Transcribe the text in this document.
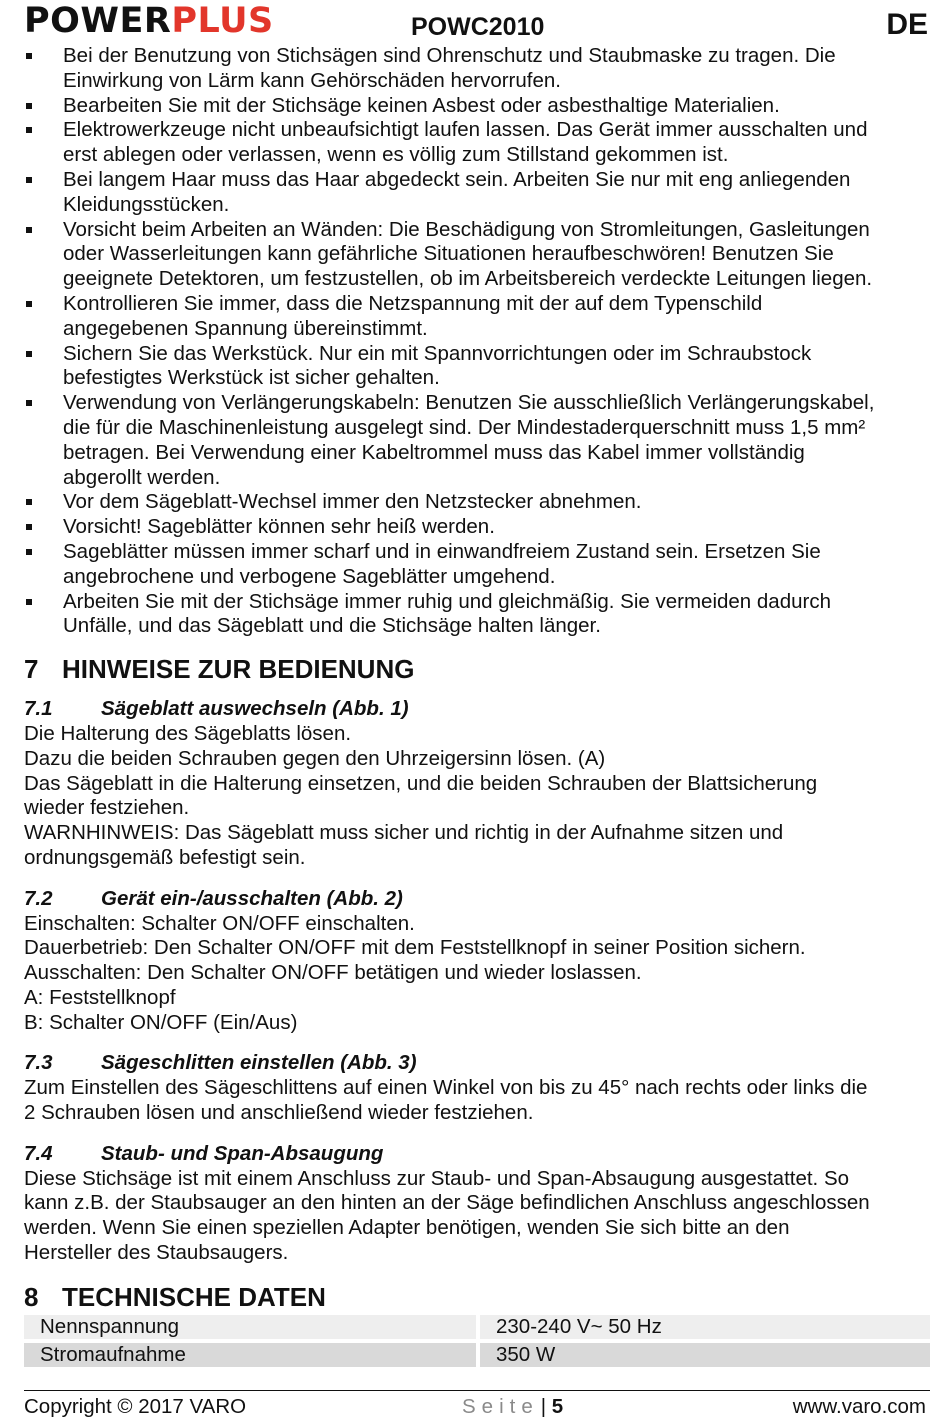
POWERPLUS	POWC2010	DE
Bei der Benutzung von Stichsägen sind Ohrenschutz und Staubmaske zu tragen. Die
Einwirkung von Lärm kann Gehörschäden hervorrufen.
Bearbeiten Sie mit der Stichsäge keinen Asbest oder asbesthaltige Materialien.
Elektrowerkzeuge nicht unbeaufsichtigt laufen lassen. Das Gerät immer ausschalten und
erst ablegen oder verlassen, wenn es völlig zum Stillstand gekommen ist.
Bei langem Haar muss das Haar abgedeckt sein. Arbeiten Sie nur mit eng anliegenden
Kleidungsstücken.
Vorsicht beim Arbeiten an Wänden: Die Beschädigung von Stromleitungen, Gasleitungen
oder Wasserleitungen kann gefährliche Situationen heraufbeschwören! Benutzen Sie
geeignete Detektoren, um festzustellen, ob im Arbeitsbereich verdeckte Leitungen liegen.
Kontrollieren Sie immer, dass die Netzspannung mit der auf dem Typenschild
angegebenen Spannung übereinstimmt.
Sichern Sie das Werkstück. Nur ein mit Spannvorrichtungen oder im Schraubstock
befestigtes Werkstück ist sicher gehalten.
Verwendung von Verlängerungskabeln: Benutzen Sie ausschließlich Verlängerungskabel,
die für die Maschinenleistung ausgelegt sind. Der Mindestaderquerschnitt muss 1,5 mm²
betragen. Bei Verwendung einer Kabeltrommel muss das Kabel immer vollständig
abgerollt werden.
Vor dem Sägeblatt-Wechsel immer den Netzstecker abnehmen.
Vorsicht! Sageblätter können sehr heiß werden.
Sageblätter müssen immer scharf und in einwandfreiem Zustand sein. Ersetzen Sie
angebrochene und verbogene Sageblätter umgehend.
Arbeiten Sie mit der Stichsäge immer ruhig und gleichmäßig. Sie vermeiden dadurch
Unfälle, und das Sägeblatt und die Stichsäge halten länger.
7 HINWEISE ZUR BEDIENUNG
7.1 Sägeblatt auswechseln (Abb. 1)

Die Halterung des Sägeblatts lösen.

Dazu die beiden Schrauben gegen den Uhrzeigersinn lösen. (A)

Das Sägeblatt in die Halterung einsetzen, und die beiden Schrauben der Blattsicherung

wieder festziehen.

WARNHINWEIS: Das Sägeblatt muss sicher und richtig in der Aufnahme sitzen und

ordnungsgemäß befestigt sein.

7.2 Gerät ein-/ausschalten (Abb. 2)

Einschalten: Schalter ON/OFF einschalten.

Dauerbetrieb: Den Schalter ON/OFF mit dem Feststellknopf in seiner Position sichern.

Ausschalten: Den Schalter ON/OFF betätigen und wieder loslassen.

A: Feststellknopf

B: Schalter ON/OFF (Ein/Aus)

7.3 Sägeschlitten einstellen (Abb. 3)

Zum Einstellen des Sägeschlittens auf einen Winkel von bis zu 45° nach rechts oder links die

2 Schrauben lösen und anschließend wieder festziehen.

7.4 Staub- und Span-Absaugung

Diese Stichsäge ist mit einem Anschluss zur Staub- und Span-Absaugung ausgestattet. So

kann z.B. der Staubsauger an den hinten an der Säge befindlichen Anschluss angeschlossen

werden. Wenn Sie einen speziellen Adapter benötigen, wenden Sie sich bitte an den

Hersteller des Staubsaugers.

8 TECHNISCHE DATEN
Nennspannung		230-240 V~ 50 Hz
Stromaufnahme		350 W
Copyright © 2017 VARO	Seite| 5	www.varo.com
